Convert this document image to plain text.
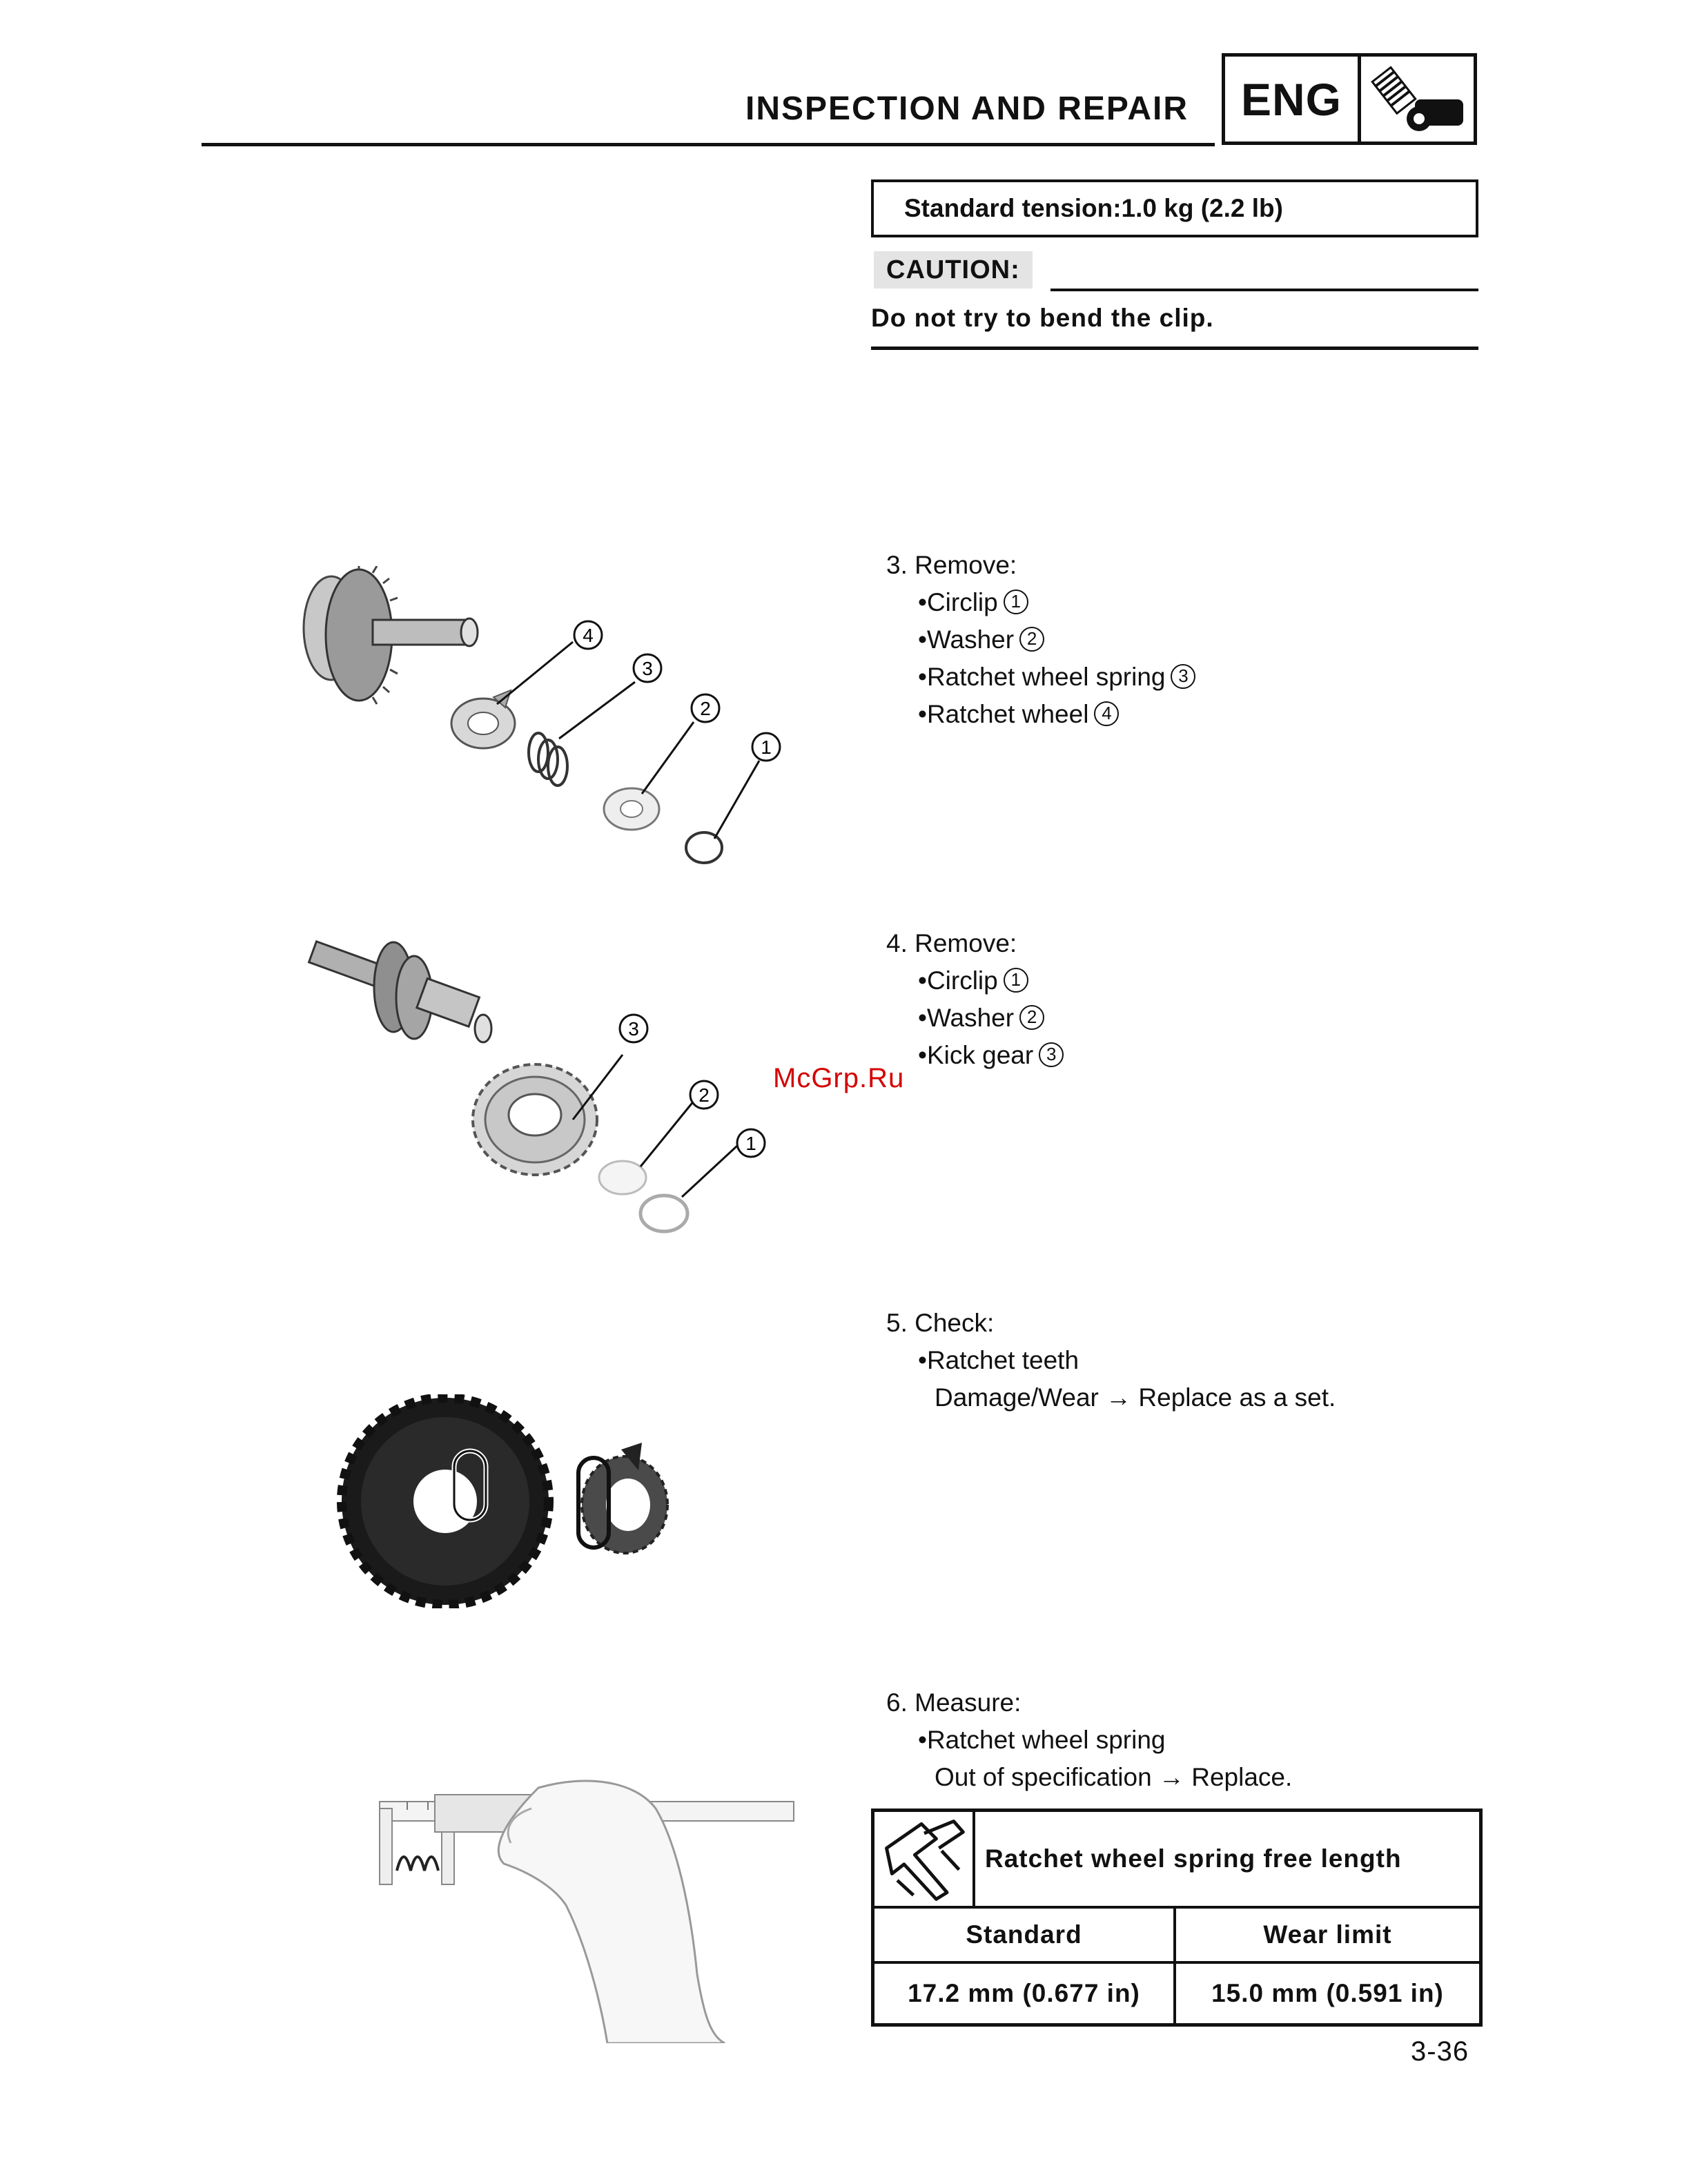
INSPECTION AND REPAIR	ENG
Standard tension: 1.0 kg (2.2 lb)
CAUTION:
Do not try to bend the clip.
4
3
2
1
3. Remove:
•Circlip 1
•Washer 2
•Ratchet wheel spring 3
•Ratchet wheel 4
3
2
1
McGrp.Ru
4. Remove:
•Circlip 1
•Washer 2
•Kick gear 3
5. Check:
•Ratchet teeth
Damage/Wear → Replace as a set.
6. Measure:
•Ratchet wheel spring
Out of specification → Replace.
Ratchet wheel spring free length
Standard	Wear limit
17.2 mm (0.677 in)	15.0 mm (0.591 in)
3-36
